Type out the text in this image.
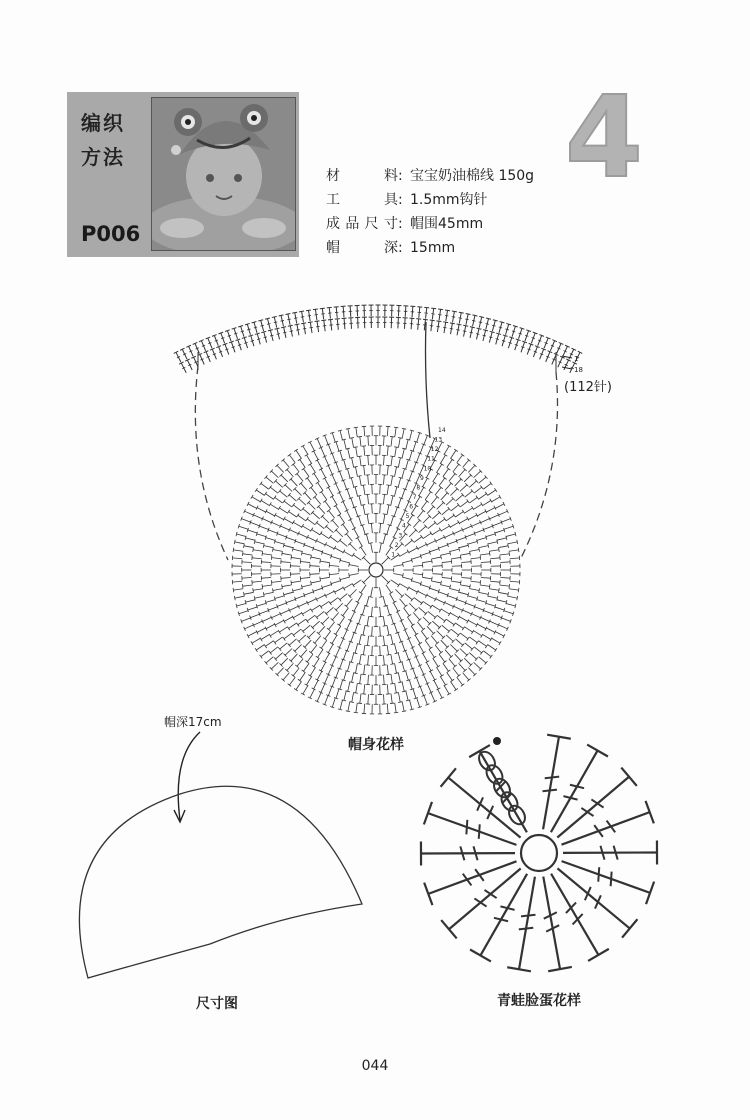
编织方法
P006
4
材料: 宝宝奶油棉线 150g
工具: 1.5mm钩针
成品尺寸: 帽围45mm
帽深: 15mm
14
13
12
11
10
9
8
7
6
5
4
3
2
1
1
18
(112针)
帽身花样
帽深17cm
尺寸图	青蛙脸蛋花样
044
